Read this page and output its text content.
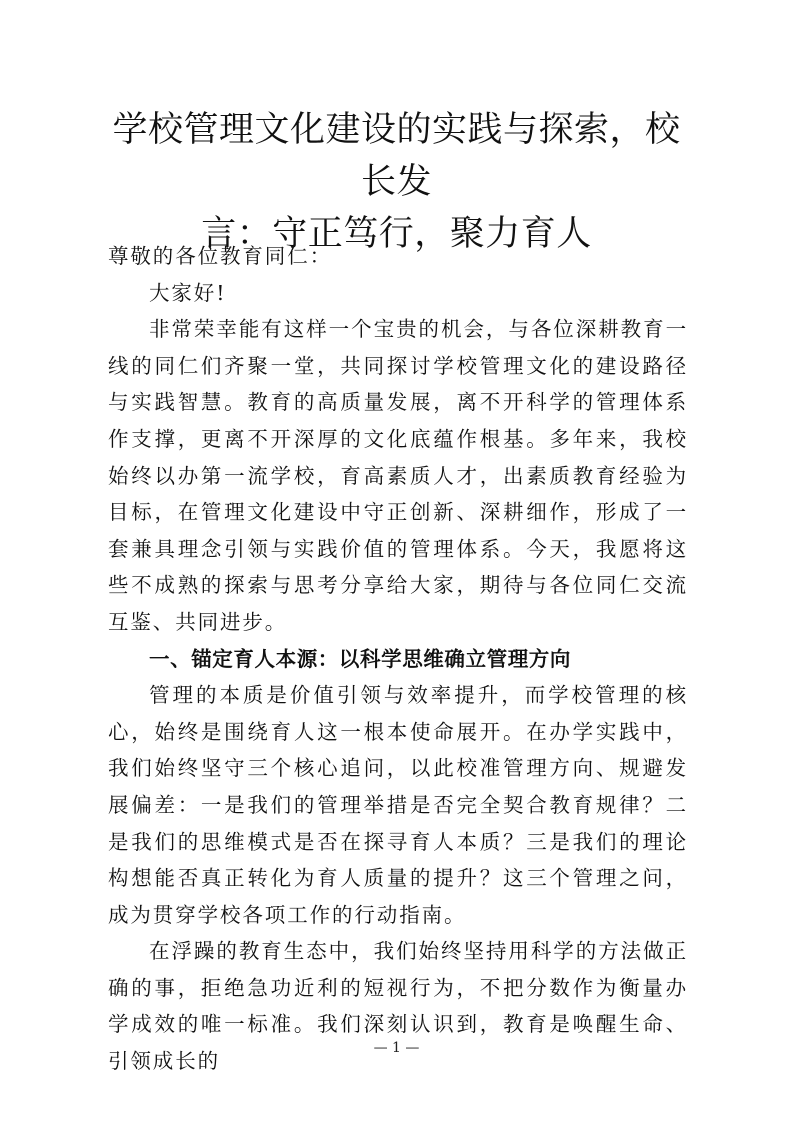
学校管理文化建设的实践与探索，校长发
言：守正笃行，聚力育人

尊敬的各位教育同仁：

大家好!

非常荣幸能有这样一个宝贵的机会，与各位深耕教育一线的同仁们齐聚一堂，共同探讨学校管理文化的建设路径与实践智慧。教育的高质量发展，离不开科学的管理体系作支撑，更离不开深厚的文化底蕴作根基。多年来，我校始终以办第一流学校，育高素质人才，出素质教育经验为目标，在管理文化建设中守正创新、深耕细作，形成了一套兼具理念引领与实践价值的管理体系。今天，我愿将这些不成熟的探索与思考分享给大家，期待与各位同仁交流互鉴、共同进步。

一、锚定育人本源：以科学思维确立管理方向

管理的本质是价值引领与效率提升，而学校管理的核心，始终是围绕育人这一根本使命展开。在办学实践中，我们始终坚守三个核心追问，以此校准管理方向、规避发展偏差：一是我们的管理举措是否完全契合教育规律？二是我们的思维模式是否在探寻育人本质？三是我们的理论构想能否真正转化为育人质量的提升？这三个管理之问，成为贯穿学校各项工作的行动指南。

在浮躁的教育生态中，我们始终坚持用科学的方法做正确的事，拒绝急功近利的短视行为，不把分数作为衡量办学成效的唯一标准。我们深刻认识到，教育是唤醒生命、引领成长的

— 1 —
